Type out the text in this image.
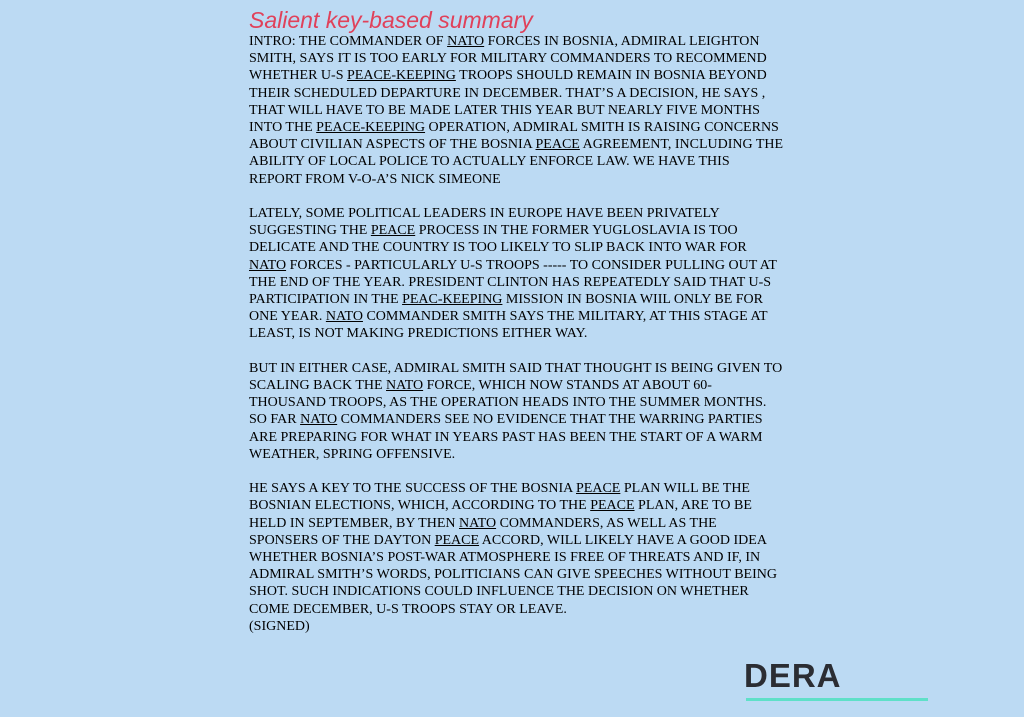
Salient key-based summary

INTRO: THE COMMANDER OF NATO FORCES IN BOSNIA, ADMIRAL LEIGHTON SMITH, SAYS IT IS TOO EARLY FOR MILITARY COMMANDERS TO RECOMMEND WHETHER U-S PEACE-KEEPING TROOPS SHOULD REMAIN IN BOSNIA BEYOND THEIR SCHEDULED DEPARTURE IN DECEMBER. THAT’S A DECISION, HE SAYS , THAT WILL HAVE TO BE MADE LATER THIS YEAR BUT NEARLY FIVE MONTHS INTO THE PEACE-KEEPING OPERATION, ADMIRAL SMITH IS RAISING CONCERNS ABOUT CIVILIAN ASPECTS OF THE BOSNIA PEACE AGREEMENT, INCLUDING THE ABILITY OF LOCAL POLICE TO ACTUALLY ENFORCE LAW. WE HAVE THIS REPORT FROM V-O-A’S NICK SIMEONE

LATELY, SOME POLITICAL LEADERS IN EUROPE HAVE BEEN PRIVATELY SUGGESTING THE PEACE PROCESS IN THE FORMER YUGLOSLAVIA IS TOO DELICATE AND THE COUNTRY IS TOO LIKELY TO SLIP BACK INTO WAR FOR NATO FORCES - PARTICULARLY U-S TROOPS ----- TO CONSIDER PULLING OUT AT THE END OF THE YEAR. PRESIDENT CLINTON HAS REPEATEDLY SAID THAT U-S PARTICIPATION IN THE PEAC-KEEPING MISSION IN BOSNIA WIIL ONLY BE FOR ONE YEAR. NATO COMMANDER SMITH SAYS THE MILITARY, AT THIS STAGE AT LEAST, IS NOT MAKING PREDICTIONS EITHER WAY.

BUT IN EITHER CASE, ADMIRAL SMITH SAID THAT THOUGHT IS BEING GIVEN TO SCALING BACK THE NATO FORCE, WHICH NOW STANDS AT ABOUT 60-THOUSAND TROOPS, AS THE OPERATION HEADS INTO THE SUMMER MONTHS. SO FAR NATO COMMANDERS SEE NO EVIDENCE THAT THE WARRING PARTIES ARE PREPARING FOR WHAT IN YEARS PAST HAS BEEN THE START OF A WARM WEATHER, SPRING OFFENSIVE.

HE SAYS A KEY TO THE SUCCESS OF THE BOSNIA PEACE PLAN WILL BE THE BOSNIAN ELECTIONS, WHICH, ACCORDING TO THE PEACE PLAN, ARE TO BE HELD IN SEPTEMBER, BY THEN NATO COMMANDERS, AS WELL AS THE SPONSERS OF THE DAYTON PEACE ACCORD, WILL LIKELY HAVE A GOOD IDEA WHETHER BOSNIA’S POST-WAR ATMOSPHERE IS FREE OF THREATS AND IF, IN ADMIRAL SMITH’S WORDS, POLITICIANS CAN GIVE SPEECHES WITHOUT BEING SHOT. SUCH INDICATIONS COULD INFLUENCE THE DECISION ON WHETHER COME DECEMBER, U-S TROOPS STAY OR LEAVE.

(SIGNED)
DERA
